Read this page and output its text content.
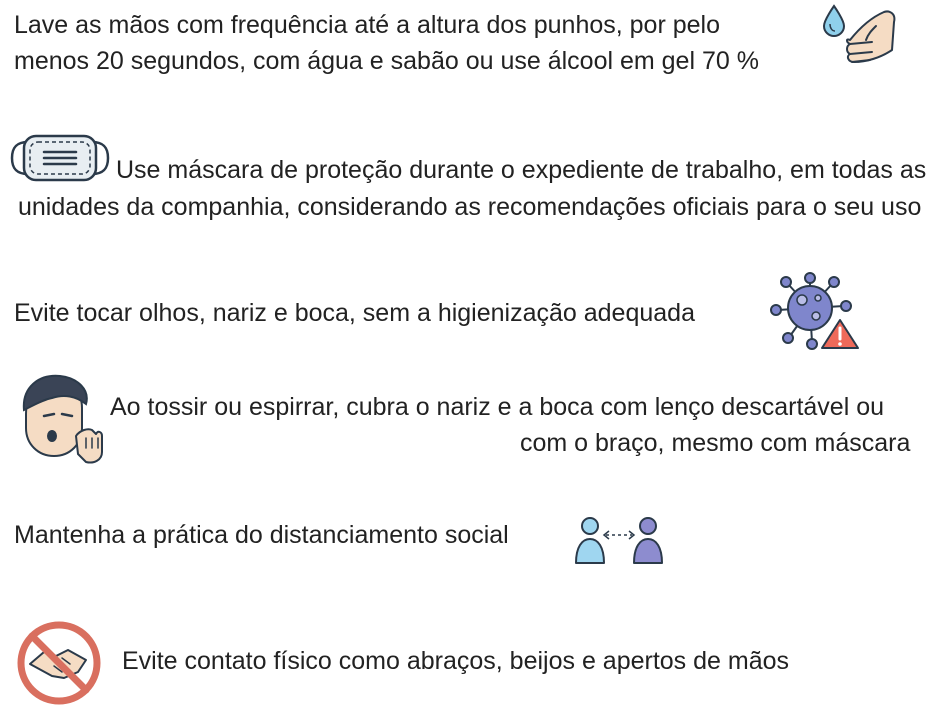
Lave as mãos com frequência até a altura dos punhos, por pelo
menos 20 segundos, com água e sabão ou use álcool em gel 70 %
Use máscara de proteção durante o expediente de trabalho, em todas as
unidades da companhia, considerando as recomendações oficiais para o seu uso
Evite tocar olhos, nariz e boca, sem a higienização adequada
Ao tossir ou espirrar, cubra o nariz e a boca com lenço descartável ou
com o braço, mesmo com máscara
Mantenha a prática do distanciamento social
Evite contato físico como abraços, beijos e apertos de mãos
